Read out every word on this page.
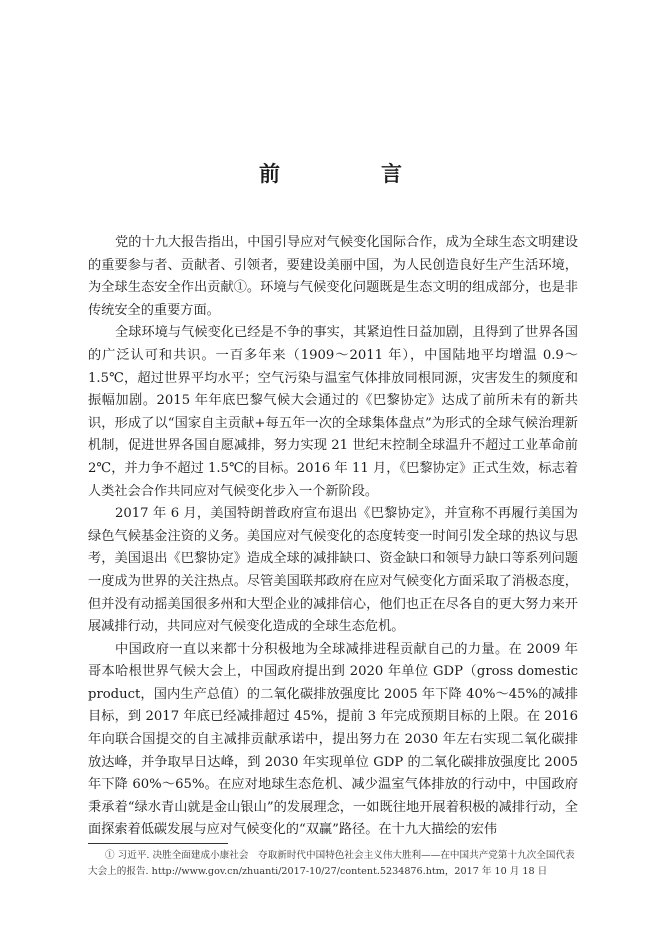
前　言

党的十九大报告指出，中国引导应对气候变化国际合作，成为全球生态文明建设的重要参与者、贡献者、引领者，要建设美丽中国，为人民创造良好生产生活环境，为全球生态安全作出贡献①。环境与气候变化问题既是生态文明的组成部分，也是非传统安全的重要方面。

全球环境与气候变化已经是不争的事实，其紧迫性日益加剧，且得到了世界各国的广泛认可和共识。一百多年来（1909～2011 年），中国陆地平均增温 0.9～1.5℃，超过世界平均水平；空气污染与温室气体排放同根同源，灾害发生的频度和振幅加剧。2015 年年底巴黎气候大会通过的《巴黎协定》达成了前所未有的新共识，形成了以“国家自主贡献+每五年一次的全球集体盘点”为形式的全球气候治理新机制，促进世界各国自愿减排，努力实现 21 世纪末控制全球温升不超过工业革命前 2℃，并力争不超过 1.5℃的目标。2016 年 11 月，《巴黎协定》正式生效，标志着人类社会合作共同应对气候变化步入一个新阶段。

2017 年 6 月，美国特朗普政府宣布退出《巴黎协定》，并宣称不再履行美国为绿色气候基金注资的义务。美国应对气候变化的态度转变一时间引发全球的热议与思考，美国退出《巴黎协定》造成全球的减排缺口、资金缺口和领导力缺口等系列问题一度成为世界的关注热点。尽管美国联邦政府在应对气候变化方面采取了消极态度，但并没有动摇美国很多州和大型企业的减排信心，他们也正在尽各自的更大努力来开展减排行动，共同应对气候变化造成的全球生态危机。

中国政府一直以来都十分积极地为全球减排进程贡献自己的力量。在 2009 年哥本哈根世界气候大会上，中国政府提出到 2020 年单位 GDP（gross domestic product，国内生产总值）的二氧化碳排放强度比 2005 年下降 40%～45%的减排目标，到 2017 年底已经减排超过 45%，提前 3 年完成预期目标的上限。在 2016 年向联合国提交的自主减排贡献承诺中，提出努力在 2030 年左右实现二氧化碳排放达峰，并争取早日达峰，到 2030 年实现单位 GDP 的二氧化碳排放强度比 2005 年下降 60%～65%。在应对地球生态危机、减少温室气体排放的行动中，中国政府秉承着“绿水青山就是金山银山”的发展理念，一如既往地开展着积极的减排行动，全面探索着低碳发展与应对气候变化的“双赢”路径。在十九大描绘的宏伟

① 习近平. 决胜全面建成小康社会　夺取新时代中国特色社会主义伟大胜利——在中国共产党第十九次全国代表大会上的报告. http://www.gov.cn/zhuanti/2017-10/27/content.5234876.htm，2017 年 10 月 18 日
